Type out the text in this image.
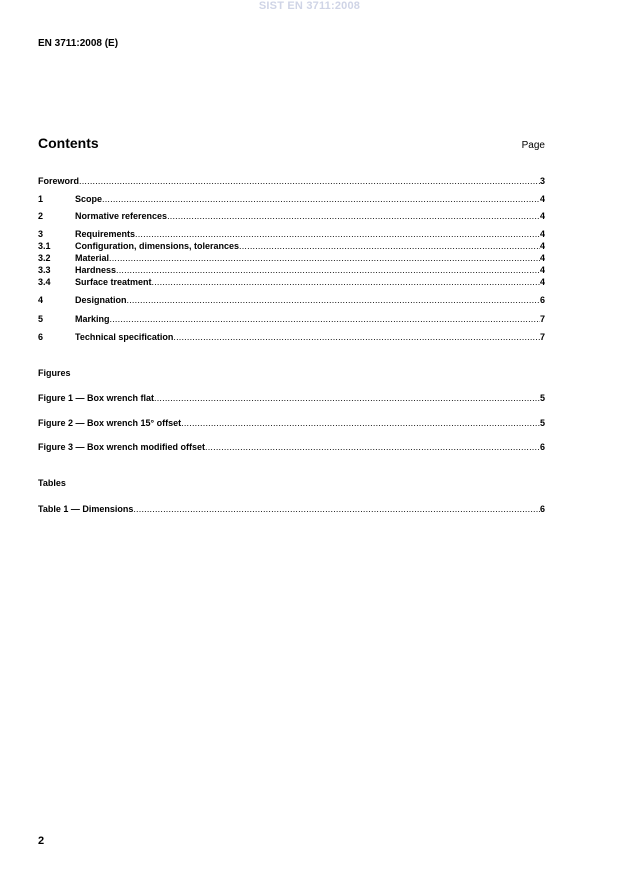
SIST EN 3711:2008
EN 3711:2008 (E)
Contents	Page
Foreword .....	3
1	Scope .....	4
2	Normative references .....	4
3	Requirements .....	4
3.1	Configuration, dimensions, tolerances .....	4
3.2	Material .....	4
3.3	Hardness .....	4
3.4	Surface treatment .....	4
4	Designation .....	6
5	Marking .....	7
6	Technical specification .....	7
Figure 1 — Box wrench flat .....	5
Figure 2 — Box wrench 15° offset .....	5
Figure 3 — Box wrench modified offset .....	6
Table 1 — Dimensions .....	6
Figures
Tables
2
